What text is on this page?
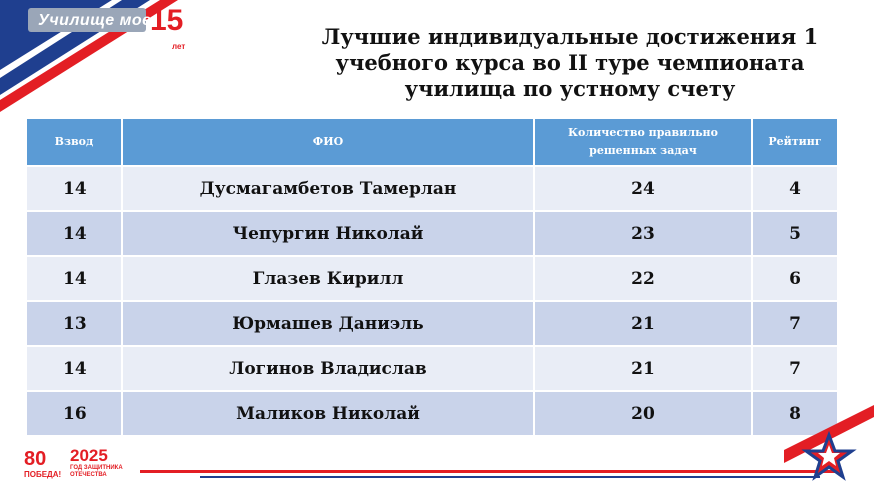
Училище мое
15
лет	Лучшие индивидуальные достижения 1 учебного курса во II туре чемпионата училища по устному счету
Взвод	ФИО	Количество правильно решенных задач	Рейтинг
14	Дусмагамбетов Тамерлан	24	4
14	Чепургин Николай	23	5
14	Глазев Кирилл	22	6
13	Юрмашев Даниэль	21	7
14	Логинов Владислав	21	7
16	Маликов Николай	20	8
80
ПОБЕДА!
2025
ГОД ЗАЩИТНИКА ОТЕЧЕСТВА
